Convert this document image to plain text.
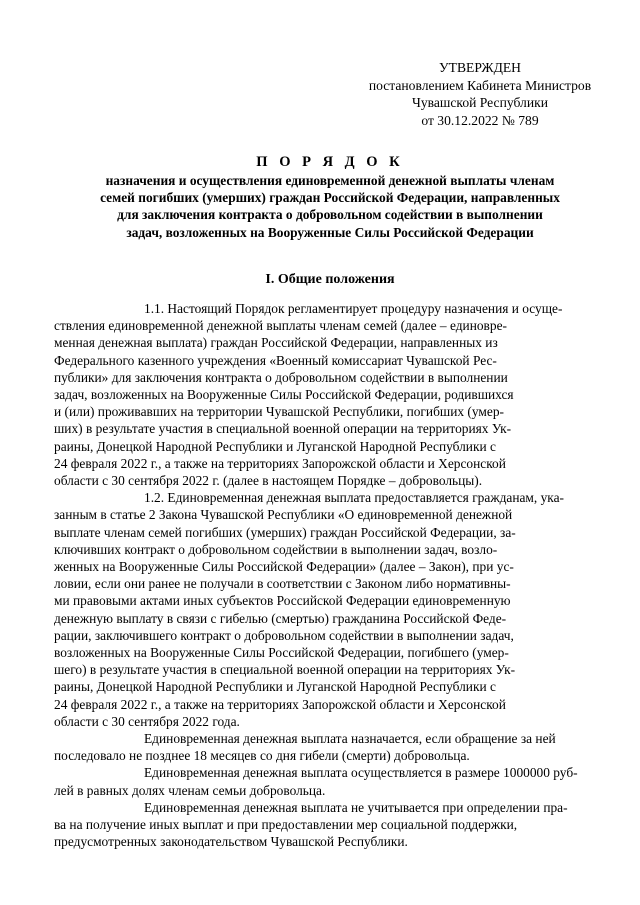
УТВЕРЖДЕН
постановлением Кабинета Министров
Чувашской Республики
от 30.12.2022 № 789
П О Р Я Д О К
назначения и осуществления единовременной денежной выплаты членам
семей погибших (умерших) граждан Российской Федерации, направленных
для заключения контракта о добровольном содействии в выполнении
задач, возложенных на Вооруженные Силы Российской Федерации
I. Общие положения
1.1. Настоящий Порядок регламентирует процедуру назначения и осуще-
ствления единовременной денежной выплаты членам семей (далее – единовре-
менная денежная выплата) граждан Российской Федерации, направленных из
Федерального казенного учреждения «Военный комиссариат Чувашской Рес-
публики» для заключения контракта о добровольном содействии в выполнении
задач, возложенных на Вооруженные Силы Российской Федерации, родившихся
и (или) проживавших на территории Чувашской Республики, погибших (умер-
ших) в результате участия в специальной военной операции на территориях Ук-
раины, Донецкой Народной Республики и Луганской Народной Республики с
24 февраля 2022 г., а также на территориях Запорожской области и Херсонской
области с 30 сентября 2022 г. (далее в настоящем Порядке – добровольцы).
1.2. Единовременная денежная выплата предоставляется гражданам, ука-
занным в статье 2 Закона Чувашской Республики «О единовременной денежной
выплате членам семей погибших (умерших) граждан Российской Федерации, за-
ключивших контракт о добровольном содействии в выполнении задач, возло-
женных на Вооруженные Силы Российской Федерации» (далее – Закон), при ус-
ловии, если они ранее не получали в соответствии с Законом либо нормативны-
ми правовыми актами иных субъектов Российской Федерации единовременную
денежную выплату в связи с гибелью (смертью) гражданина Российской Феде-
рации, заключившего контракт о добровольном содействии в выполнении задач,
возложенных на Вооруженные Силы Российской Федерации, погибшего (умер-
шего) в результате участия в специальной военной операции на территориях Ук-
раины, Донецкой Народной Республики и Луганской Народной Республики с
24 февраля 2022 г., а также на территориях Запорожской области и Херсонской
области с 30 сентября 2022 года.
Единовременная денежная выплата назначается, если обращение за ней
последовало не позднее 18 месяцев со дня гибели (смерти) добровольца.
Единовременная денежная выплата осуществляется в размере 1000000 руб-
лей в равных долях членам семьи добровольца.
Единовременная денежная выплата не учитывается при определении пра-
ва на получение иных выплат и при предоставлении мер социальной поддержки,
предусмотренных законодательством Чувашской Республики.
